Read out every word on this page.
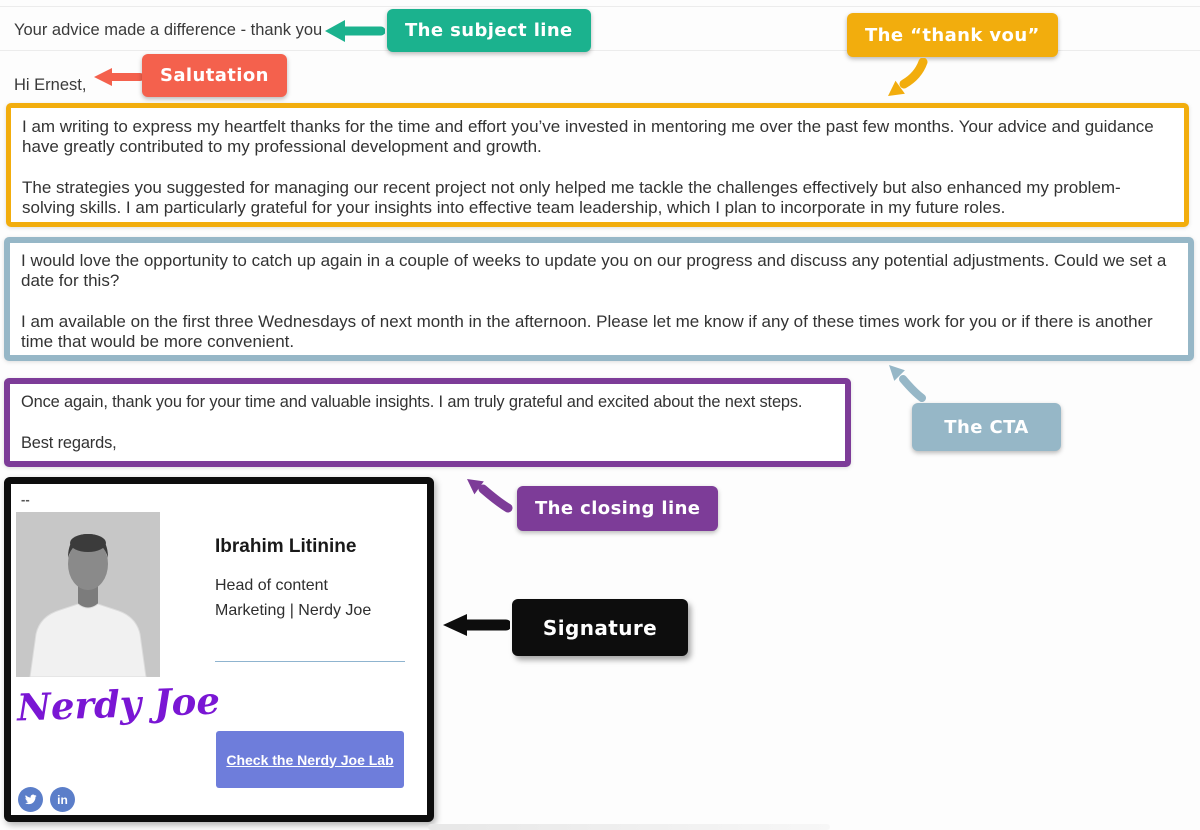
Your advice made a difference - thank you	The subject line
Hi Ernest,	Salutation
The “thank vou”

I am writing to express my heartfelt thanks for the time and effort you’ve invested in mentoring me over the past few months. Your advice and guidance have greatly contributed to my professional development and growth.

The strategies you suggested for managing our recent project not only helped me tackle the challenges effectively but also enhanced my problem-solving skills. I am particularly grateful for your insights into effective team leadership, which I plan to incorporate in my future roles.

I would love the opportunity to catch up again in a couple of weeks to update you on our progress and discuss any potential adjustments. Could we set a date for this?

I am available on the first three Wednesdays of next month in the afternoon. Please let me know if any of these times work for you or if there is another time that would be more convenient.

The CTA

Once again, thank you for your time and valuable insights. I am truly grateful and excited about the next steps.

Best regards,

The closing line
--
Ibrahim Litinine
Head of content
Marketing | Nerdy Joe
Nerdy Joe
Check the Nerdy Joe Lab
in
Signature
